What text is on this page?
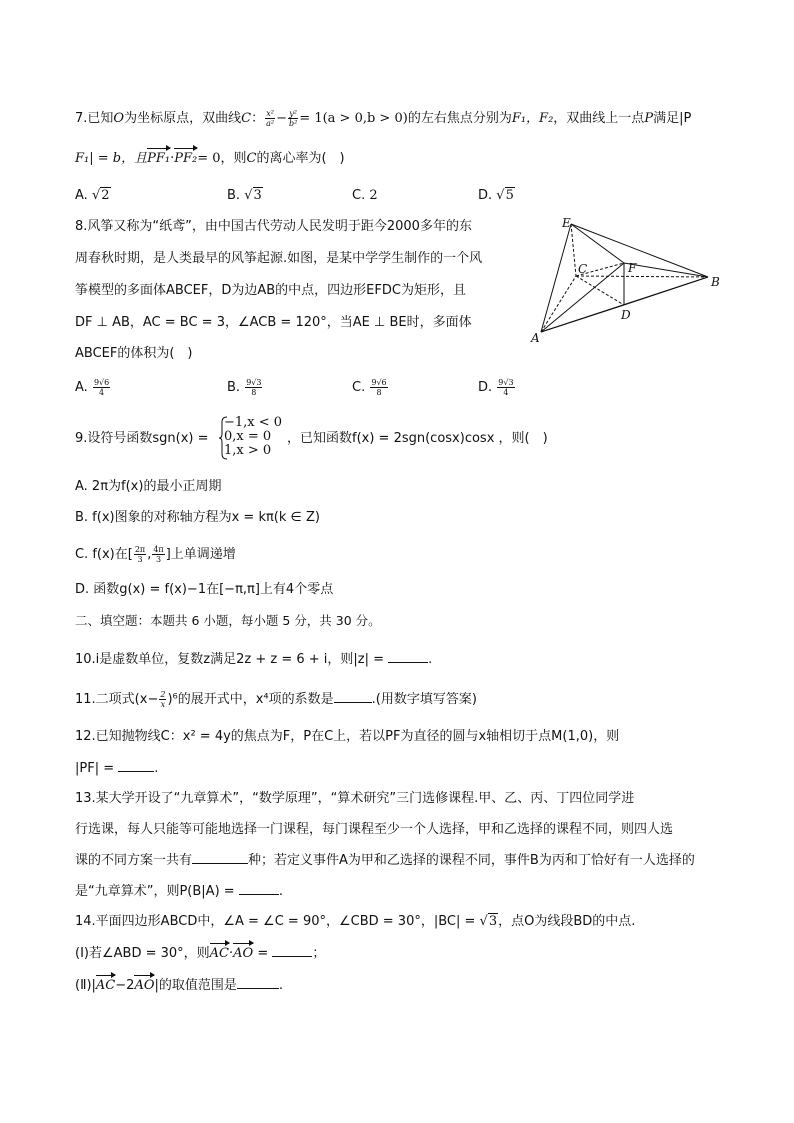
7.已知O为坐标原点，双曲线C： $\frac{\text{x²}}{\text{a²}} - \frac{\text{y²}}{\text{b²}} = 1(a > 0,b > 0)$的左右焦点分别为F₁，F₂，双曲线上一点P满足|P
F₁| = b，且PF₁·PF₂= 0，则C的离心率为(　)
A. √2	B. √3	C. 2	D. √5
8.风筝又称为“纸鸢”，由中国古代劳动人民发明于距今2000多年的东
周春秋时期，是人类最早的风筝起源.如图，是某中学学生制作的一个风
筝模型的多面体ABCEF，D为边AB的中点，四边形EFDC为矩形，且
DF ⊥ AB，AC = BC = 3，∠ACB = 120°，当AE ⊥ BE时，多面体
ABCEF的体积为(　)
A. $\frac{9√6}{4}$	B. $\frac{9√3}{8}$	C. $\frac{9√6}{8}$	D. $\frac{9√3}{4}$
E
C	F
B
D
A
9.设符号函数sgn(x) =
−1,x < 0
0,x = 0
1,x > 0
，已知函数f(x) = 2sgn(cosx)cosx ，则(　)
A. 2π为f(x)的最小正周期
B. f(x)图象的对称轴方程为x = kπ(k ∈ Z)
C. f(x)在[ $\frac{2\pi}{3}$ , $\frac{4\pi}{3}$ ]上单调递增
D. 函数g(x) = f(x)−1在[−π,π]上有4个零点
二、填空题：本题共 6 小题，每小题 5 分，共 30 分。
10.i是虚数单位，复数z满足2z + z = 6 + i，则|z| =	.
11.二项式$(x- \frac{2}{x} )^6$的展开式中，x⁴项的系数是	.(用数字填写答案)
12.已知抛物线C：x² = 4y的焦点为F，P在C上，若以PF为直径的圆与x轴相切于点M(1,0)，则
|PF| =	.
13.某大学开设了“九章算术”，“数学原理”，“算术研究”三门选修课程.甲、乙、丙、丁四位同学进
行选课，每人只能等可能地选择一门课程，每门课程至少一个人选择，甲和乙选择的课程不同，则四人选
课的不同方案一共有	种；若定义事件A为甲和乙选择的课程不同，事件B为丙和丁恰好有一人选择的
是“九章算术”，则P(B|A) =	.
14.平面四边形ABCD中，∠A = ∠C = 90°，∠CBD = 30°，|BC| = √3，点O为线段BD的中点.
(Ⅰ)若∠ABD = 30°，则AC·AO =	；
(Ⅱ)|AC−2AO|的取值范围是	.
